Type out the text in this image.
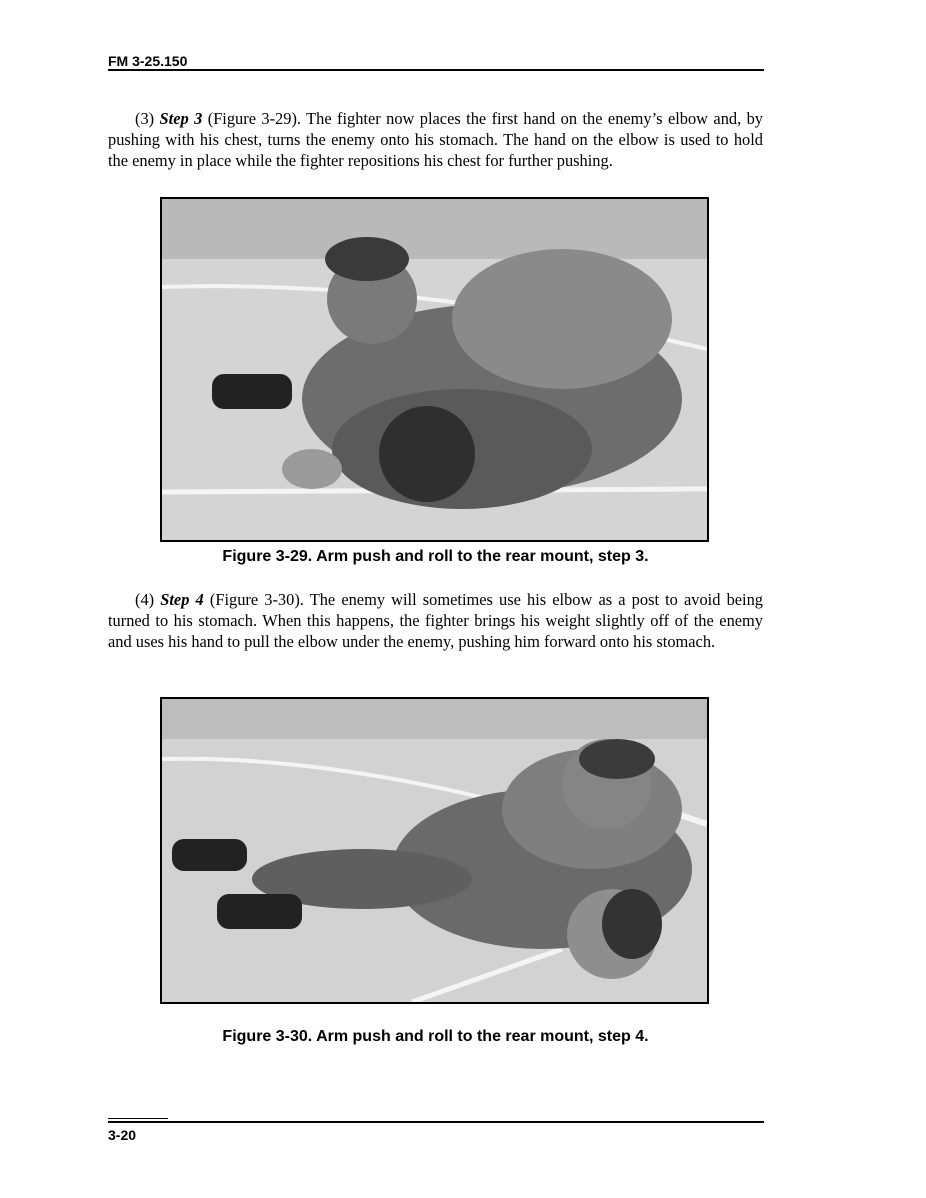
FM 3-25.150
(3) Step 3 (Figure 3-29). The fighter now places the first hand on the enemy’s elbow and, by pushing with his chest, turns the enemy onto his stomach. The hand on the elbow is used to hold the enemy in place while the fighter repositions his chest for further pushing.
Figure 3-29. Arm push and roll to the rear mount, step 3.
(4) Step 4 (Figure 3-30). The enemy will sometimes use his elbow as a post to avoid being turned to his stomach. When this happens, the fighter brings his weight slightly off of the enemy and uses his hand to pull the elbow under the enemy, pushing him forward onto his stomach.
Figure 3-30. Arm push and roll to the rear mount, step 4.
3-20
